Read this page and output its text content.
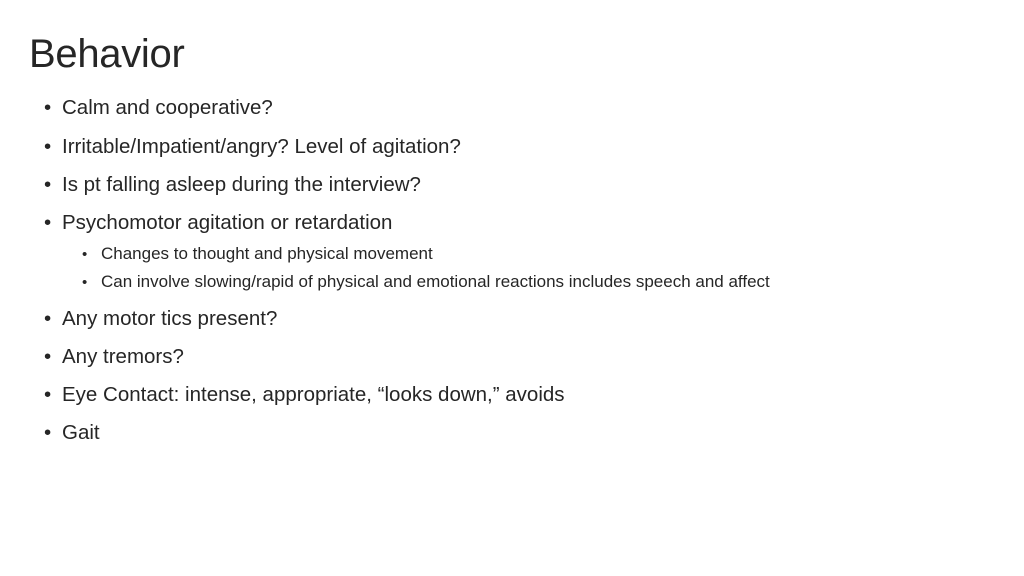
Behavior
• Calm and cooperative?
• Irritable/Impatient/angry? Level of agitation?
• Is pt falling asleep during the interview?
• Psychomotor agitation or retardation
• Changes to thought and physical movement
• Can involve slowing/rapid of physical and emotional reactions includes speech and affect
• Any motor tics present?
• Any tremors?
• Eye Contact: intense, appropriate, “looks down,” avoids
• Gait
